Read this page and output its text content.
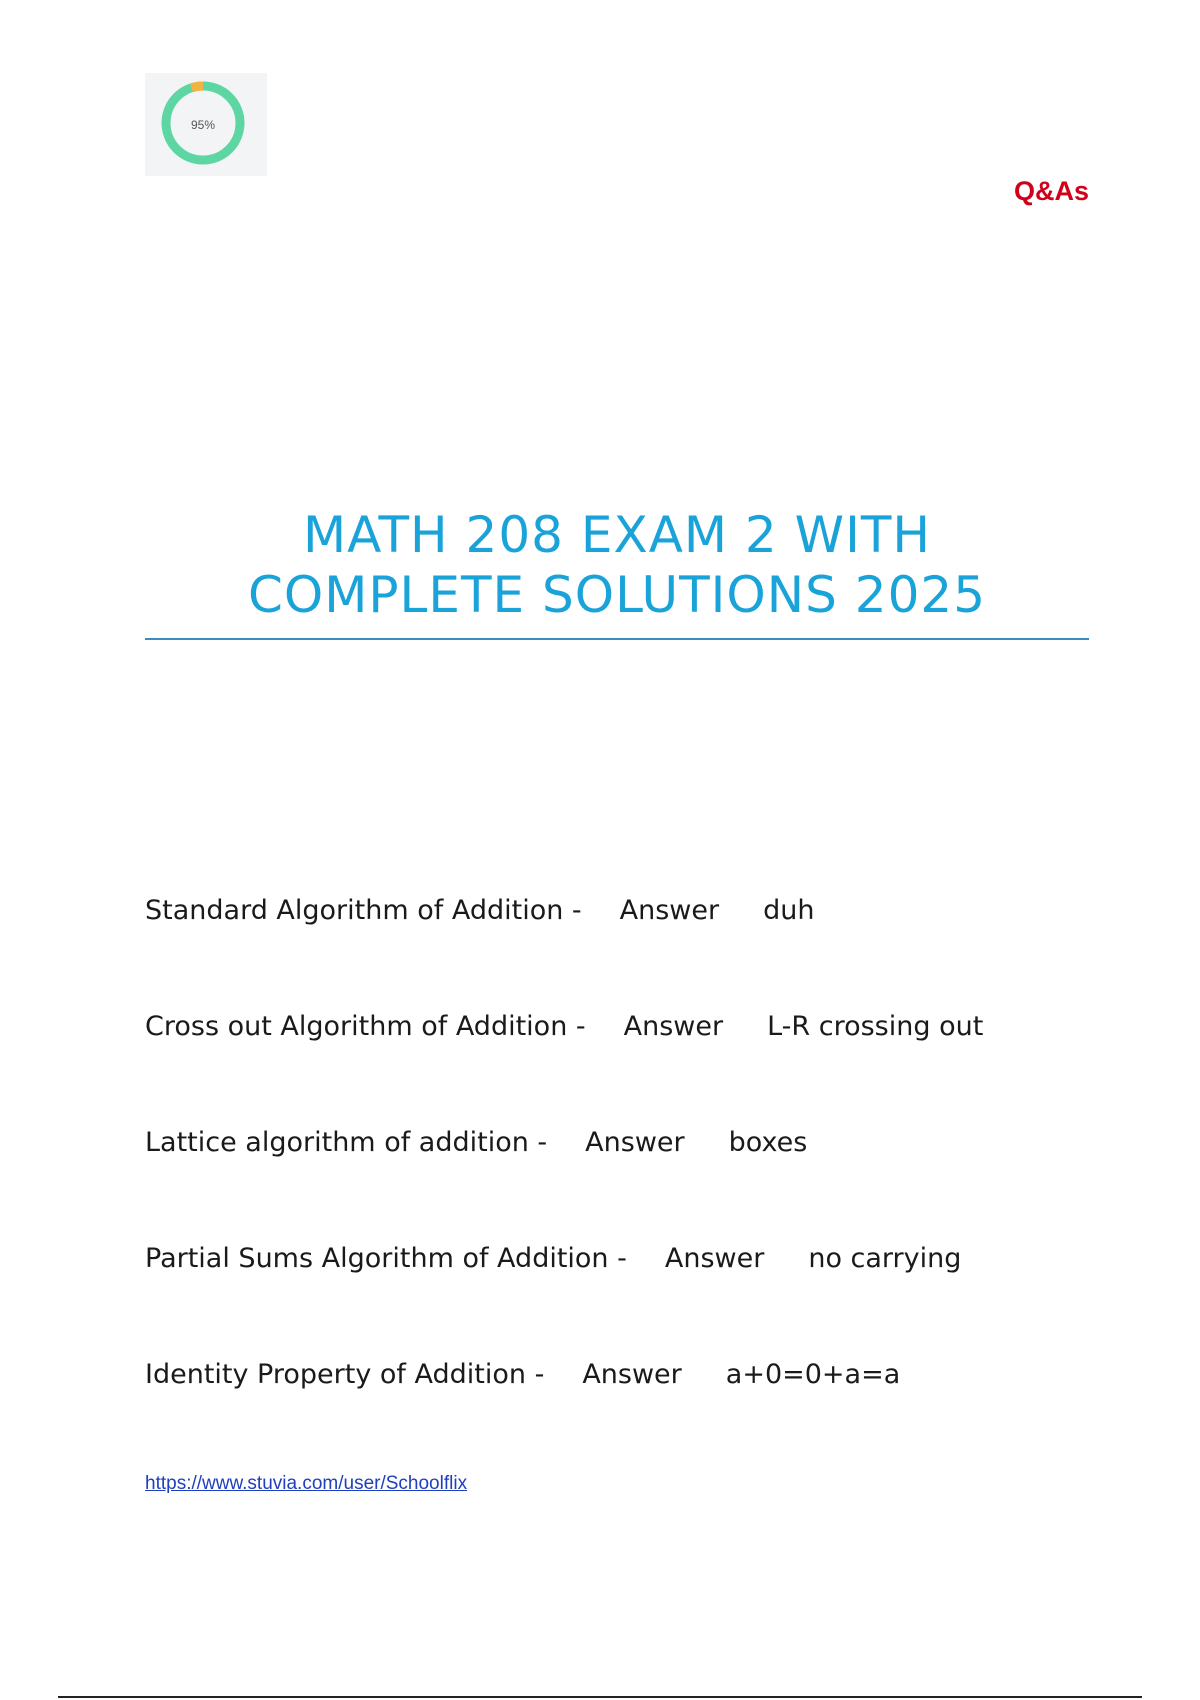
95%
Q&As
MATH 208 EXAM 2 WITH
COMPLETE SOLUTIONS 2025
Standard Algorithm of Addition - Answer duh
Cross out Algorithm of Addition - Answer L-R crossing out
Lattice algorithm of addition - Answer boxes
Partial Sums Algorithm of Addition - Answer no carrying
Identity Property of Addition - Answer a+0=0+a=a
https://www.stuvia.com/user/Schoolflix
